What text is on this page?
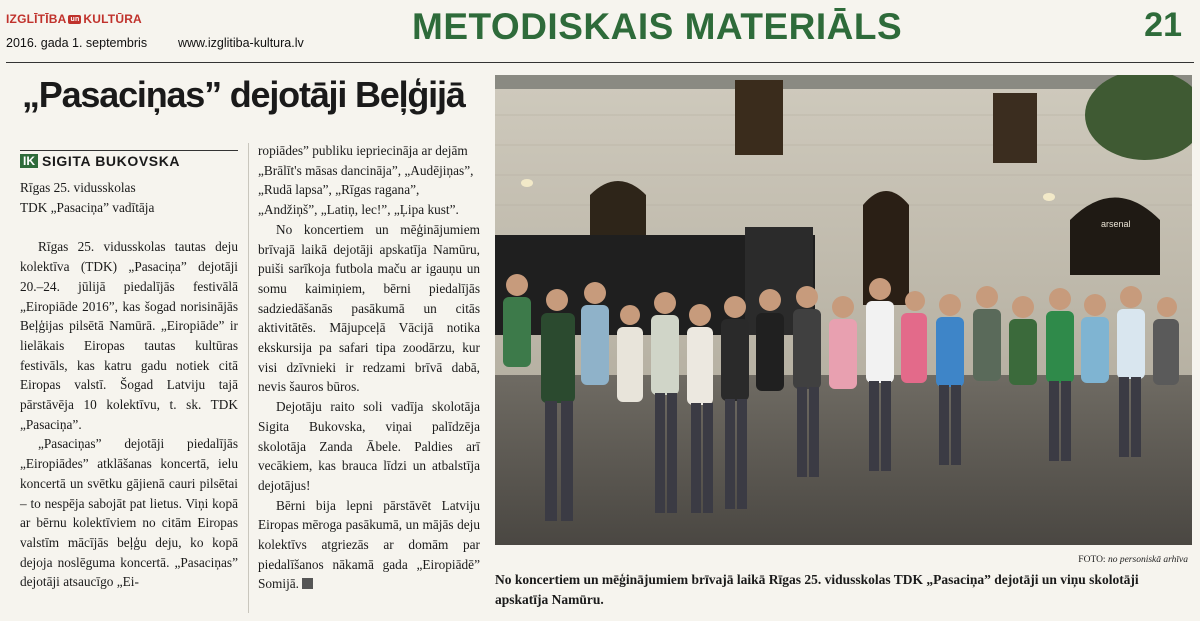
IZGLĪTĪBA un KULTŪRA
2016. gada 1. septembris www.izglitiba-kultura.lv	METODISKAIS MATERIĀLS	21
„Pasaciņas” dejotāji Beļģijā
IK SIGITA BUKOVSKA

Rīgas 25. vidusskolas
TDK „Pasaciņa” vadītāja

Rīgas 25. vidusskolas tautas deju kolektīva (TDK) „Pasaciņa” dejotāji 20.–24. jūlijā piedalījās festivālā „Eiropiāde 2016”, kas šogad norisinājās Beļģijas pilsētā Namūrā. „Eiropiāde” ir lielākais Eiropas tautas kultūras festivāls, kas katru gadu notiek citā Eiropas valstī. Šogad Latviju tajā pārstāvēja 10 kolektīvu, t. sk. TDK „Pasaciņa”.

„Pasaciņas” dejotāji piedalījās „Eiropiādes” atklāšanas koncertā, ielu koncertā un svētku gājienā cauri pilsētai – to nespēja sabojāt pat lietus. Viņi kopā ar bērnu kolektīviem no citām Eiropas valstīm mācījās beļģu deju, ko kopā dejoja noslēguma koncertā. „Pasaciņas” dejotāji atsaucīgo „Ei-

ropiādes” publiku iepriecināja ar dejām „Brālīt's māsas dancināja”, „Audējiņas”, „Rudā lapsa”, „Rīgas ragana”, „Andžiņš”, „Latiņ, lec!”, „Ļipa kust”.

No koncertiem un mēģinājumiem brīvajā laikā dejotāji apskatīja Namūru, puiši sarīkoja futbola maču ar igauņu un somu kaimiņiem, bērni piedalījās sadziedāšanās pasākumā un citās aktivitātēs. Mājupceļā Vācijā notika ekskursija pa safari tipa zoodārzu, kur visi dzīvnieki ir redzami brīvā dabā, nevis šauros būros.

Dejotāju raito soli vadīja skolotāja Sigita Bukovska, viņai palīdzēja skolotāja Zanda Ābele. Paldies arī vecākiem, kas brauca līdzi un atbalstīja dejotājus!

Bērni bija lepni pārstāvēt Latviju Eiropas mēroga pasākumā, un mājās deju kolektīvs atgriezās ar domām par piedalīšanos nākamā gada „Eiropiādē” Somijā.

arsenal
FOTO: no personiskā arhīva
No koncertiem un mēģinājumiem brīvajā laikā Rīgas 25. vidusskolas TDK „Pasaciņa” dejotāji un viņu skolotāji apskatīja Namūru.
